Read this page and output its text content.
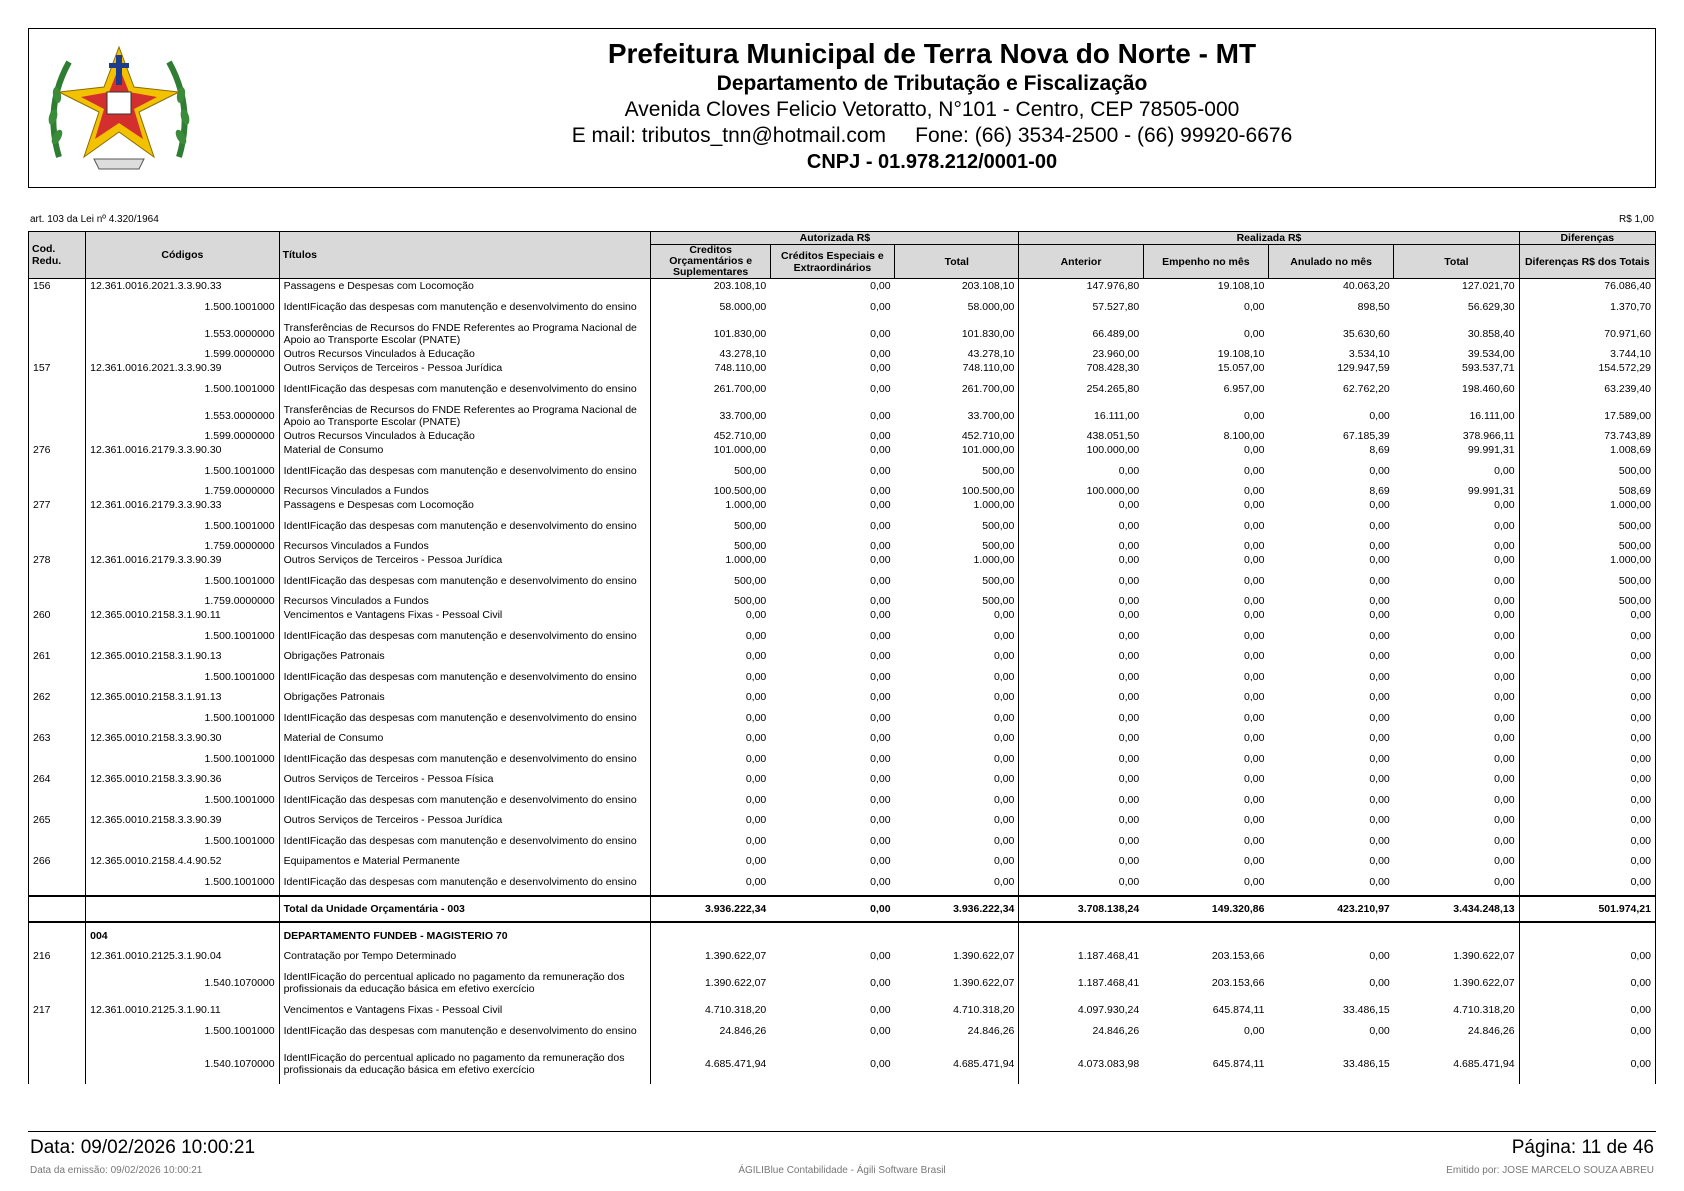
Prefeitura Municipal de Terra Nova do Norte - MT
Departamento de Tributação e Fiscalização
Avenida Cloves Felicio Vetoratto, N°101 - Centro, CEP 78505-000
E mail: tributos_tnn@hotmail.com     Fone: (66) 3534-2500 - (66) 99920-6676
CNPJ - 01.978.212/0001-00
art. 103 da Lei nº 4.320/1964	R$ 1,00
Cod. Redu.	Códigos	Títulos	Autorizada R$			Realizada R$				Diferenças
			Creditos Orçamentários e Suplementares	Créditos Especiais e Extraordinários	Total	Anterior	Empenho no mês	Anulado no mês	Total	Diferenças R$ dos Totais
156	12.361.0016.2021.3.3.90.33	Passagens e Despesas com Locomoção	203.108,10	0,00	203.108,10	147.976,80	19.108,10	40.063,20	127.021,70	76.086,40
	1.500.1001000	IdentIFicação das despesas com manutenção e desenvolvimento do ensino	58.000,00	0,00	58.000,00	57.527,80	0,00	898,50	56.629,30	1.370,70
	1.553.0000000	Transferências de Recursos do FNDE Referentes ao Programa Nacional de Apoio ao Transporte Escolar (PNATE)	101.830,00	0,00	101.830,00	66.489,00	0,00	35.630,60	30.858,40	70.971,60
	1.599.0000000	Outros Recursos Vinculados à Educação	43.278,10	0,00	43.278,10	23.960,00	19.108,10	3.534,10	39.534,00	3.744,10
157	12.361.0016.2021.3.3.90.39	Outros Serviços de Terceiros - Pessoa Jurídica	748.110,00	0,00	748.110,00	708.428,30	15.057,00	129.947,59	593.537,71	154.572,29
	1.500.1001000	IdentIFicação das despesas com manutenção e desenvolvimento do ensino	261.700,00	0,00	261.700,00	254.265,80	6.957,00	62.762,20	198.460,60	63.239,40
	1.553.0000000	Transferências de Recursos do FNDE Referentes ao Programa Nacional de Apoio ao Transporte Escolar (PNATE)	33.700,00	0,00	33.700,00	16.111,00	0,00	0,00	16.111,00	17.589,00
	1.599.0000000	Outros Recursos Vinculados à Educação	452.710,00	0,00	452.710,00	438.051,50	8.100,00	67.185,39	378.966,11	73.743,89
276	12.361.0016.2179.3.3.90.30	Material de Consumo	101.000,00	0,00	101.000,00	100.000,00	0,00	8,69	99.991,31	1.008,69
	1.500.1001000	IdentIFicação das despesas com manutenção e desenvolvimento do ensino	500,00	0,00	500,00	0,00	0,00	0,00	0,00	500,00
	1.759.0000000	Recursos Vinculados a Fundos	100.500,00	0,00	100.500,00	100.000,00	0,00	8,69	99.991,31	508,69
277	12.361.0016.2179.3.3.90.33	Passagens e Despesas com Locomoção	1.000,00	0,00	1.000,00	0,00	0,00	0,00	0,00	1.000,00
	1.500.1001000	IdentIFicação das despesas com manutenção e desenvolvimento do ensino	500,00	0,00	500,00	0,00	0,00	0,00	0,00	500,00
	1.759.0000000	Recursos Vinculados a Fundos	500,00	0,00	500,00	0,00	0,00	0,00	0,00	500,00
278	12.361.0016.2179.3.3.90.39	Outros Serviços de Terceiros - Pessoa Jurídica	1.000,00	0,00	1.000,00	0,00	0,00	0,00	0,00	1.000,00
	1.500.1001000	IdentIFicação das despesas com manutenção e desenvolvimento do ensino	500,00	0,00	500,00	0,00	0,00	0,00	0,00	500,00
	1.759.0000000	Recursos Vinculados a Fundos	500,00	0,00	500,00	0,00	0,00	0,00	0,00	500,00
260	12.365.0010.2158.3.1.90.11	Vencimentos e Vantagens Fixas - Pessoal Civil	0,00	0,00	0,00	0,00	0,00	0,00	0,00	0,00
	1.500.1001000	IdentIFicação das despesas com manutenção e desenvolvimento do ensino	0,00	0,00	0,00	0,00	0,00	0,00	0,00	0,00
261	12.365.0010.2158.3.1.90.13	Obrigações Patronais	0,00	0,00	0,00	0,00	0,00	0,00	0,00	0,00
	1.500.1001000	IdentIFicação das despesas com manutenção e desenvolvimento do ensino	0,00	0,00	0,00	0,00	0,00	0,00	0,00	0,00
262	12.365.0010.2158.3.1.91.13	Obrigações Patronais	0,00	0,00	0,00	0,00	0,00	0,00	0,00	0,00
	1.500.1001000	IdentIFicação das despesas com manutenção e desenvolvimento do ensino	0,00	0,00	0,00	0,00	0,00	0,00	0,00	0,00
263	12.365.0010.2158.3.3.90.30	Material de Consumo	0,00	0,00	0,00	0,00	0,00	0,00	0,00	0,00
	1.500.1001000	IdentIFicação das despesas com manutenção e desenvolvimento do ensino	0,00	0,00	0,00	0,00	0,00	0,00	0,00	0,00
264	12.365.0010.2158.3.3.90.36	Outros Serviços de Terceiros - Pessoa Física	0,00	0,00	0,00	0,00	0,00	0,00	0,00	0,00
	1.500.1001000	IdentIFicação das despesas com manutenção e desenvolvimento do ensino	0,00	0,00	0,00	0,00	0,00	0,00	0,00	0,00
265	12.365.0010.2158.3.3.90.39	Outros Serviços de Terceiros - Pessoa Jurídica	0,00	0,00	0,00	0,00	0,00	0,00	0,00	0,00
	1.500.1001000	IdentIFicação das despesas com manutenção e desenvolvimento do ensino	0,00	0,00	0,00	0,00	0,00	0,00	0,00	0,00
266	12.365.0010.2158.4.4.90.52	Equipamentos e Material Permanente	0,00	0,00	0,00	0,00	0,00	0,00	0,00	0,00
	1.500.1001000	IdentIFicação das despesas com manutenção e desenvolvimento do ensino	0,00	0,00	0,00	0,00	0,00	0,00	0,00	0,00
		Total da Unidade Orçamentária - 003	3.936.222,34	0,00	3.936.222,34	3.708.138,24	149.320,86	423.210,97	3.434.248,13	501.974,21
	004	DEPARTAMENTO FUNDEB - MAGISTERIO 70								
216	12.361.0010.2125.3.1.90.04	Contratação por Tempo Determinado	1.390.622,07	0,00	1.390.622,07	1.187.468,41	203.153,66	0,00	1.390.622,07	0,00
	1.540.1070000	IdentIFicação do percentual aplicado no pagamento da remuneração dos profissionais da educação básica em efetivo exercício	1.390.622,07	0,00	1.390.622,07	1.187.468,41	203.153,66	0,00	1.390.622,07	0,00
217	12.361.0010.2125.3.1.90.11	Vencimentos e Vantagens Fixas - Pessoal Civil	4.710.318,20	0,00	4.710.318,20	4.097.930,24	645.874,11	33.486,15	4.710.318,20	0,00
	1.500.1001000	IdentIFicação das despesas com manutenção e desenvolvimento do ensino	24.846,26	0,00	24.846,26	24.846,26	0,00	0,00	24.846,26	0,00
	1.540.1070000	IdentIFicação do percentual aplicado no pagamento da remuneração dos profissionais da educação básica em efetivo exercício	4.685.471,94	0,00	4.685.471,94	4.073.083,98	645.874,11	33.486,15	4.685.471,94	0,00
Data: 09/02/2026 10:00:21	Página: 11 de 46
Data da emissão: 09/02/2026 10:00:21	ÁGILIBlue Contabilidade - Ágili Software Brasil	Emitido por: JOSE MARCELO SOUZA ABREU
